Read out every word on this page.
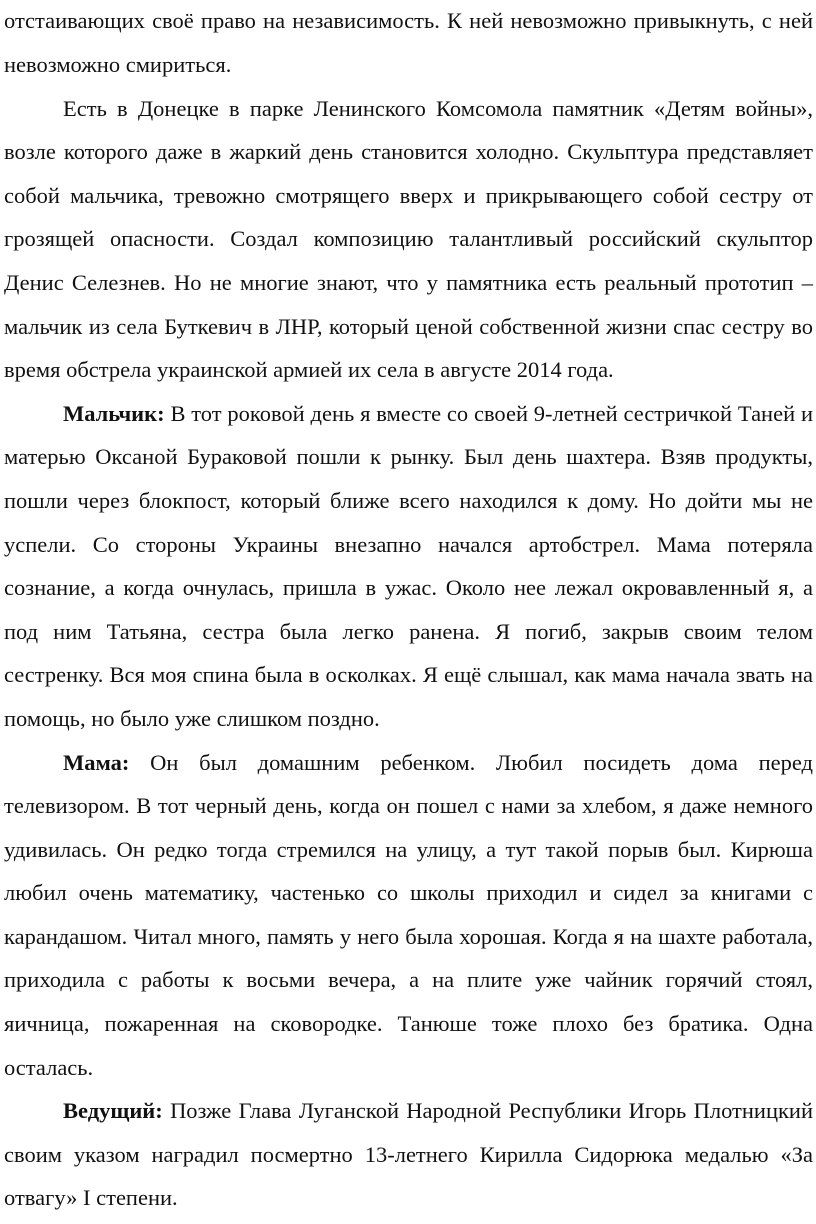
отстаивающих своё право на независимость. К ней невозможно привыкнуть, с ней невозможно смириться.

Есть в Донецке в парке Ленинского Комсомола памятник «Детям войны», возле которого даже в жаркий день становится холодно. Скульптура представляет собой мальчика, тревожно смотрящего вверх и прикрывающего собой сестру от грозящей опасности. Создал композицию талантливый российский скульптор Денис Селезнев. Но не многие знают, что у памятника есть реальный прототип – мальчик из села Буткевич в ЛНР, который ценой собственной жизни спас сестру во время обстрела украинской армией их села в августе 2014 года.

Мальчик: В тот роковой день я вместе со своей 9-летней сестричкой Таней и матерью Оксаной Бураковой пошли к рынку. Был день шахтера. Взяв продукты, пошли через блокпост, который ближе всего находился к дому. Но дойти мы не успели. Со стороны Украины внезапно начался артобстрел. Мама потеряла сознание, а когда очнулась, пришла в ужас. Около нее лежал окровавленный я, а под ним Татьяна, сестра была легко ранена. Я погиб, закрыв своим телом сестренку. Вся моя спина была в осколках. Я ещё слышал, как мама начала звать на помощь, но было уже слишком поздно.

Мама: Он был домашним ребенком. Любил посидеть дома перед телевизором. В тот черный день, когда он пошел с нами за хлебом, я даже немного удивилась. Он редко тогда стремился на улицу, а тут такой порыв был. Кирюша любил очень математику, частенько со школы приходил и сидел за книгами с карандашом. Читал много, память у него была хорошая. Когда я на шахте работала, приходила с работы к восьми вечера, а на плите уже чайник горячий стоял, яичница, пожаренная на сковородке. Танюше тоже плохо без братика. Одна осталась.

Ведущий: Позже Глава Луганской Народной Республики Игорь Плотницкий своим указом наградил посмертно 13-летнего Кирилла Сидорюка медалью «За отвагу» I степени.
